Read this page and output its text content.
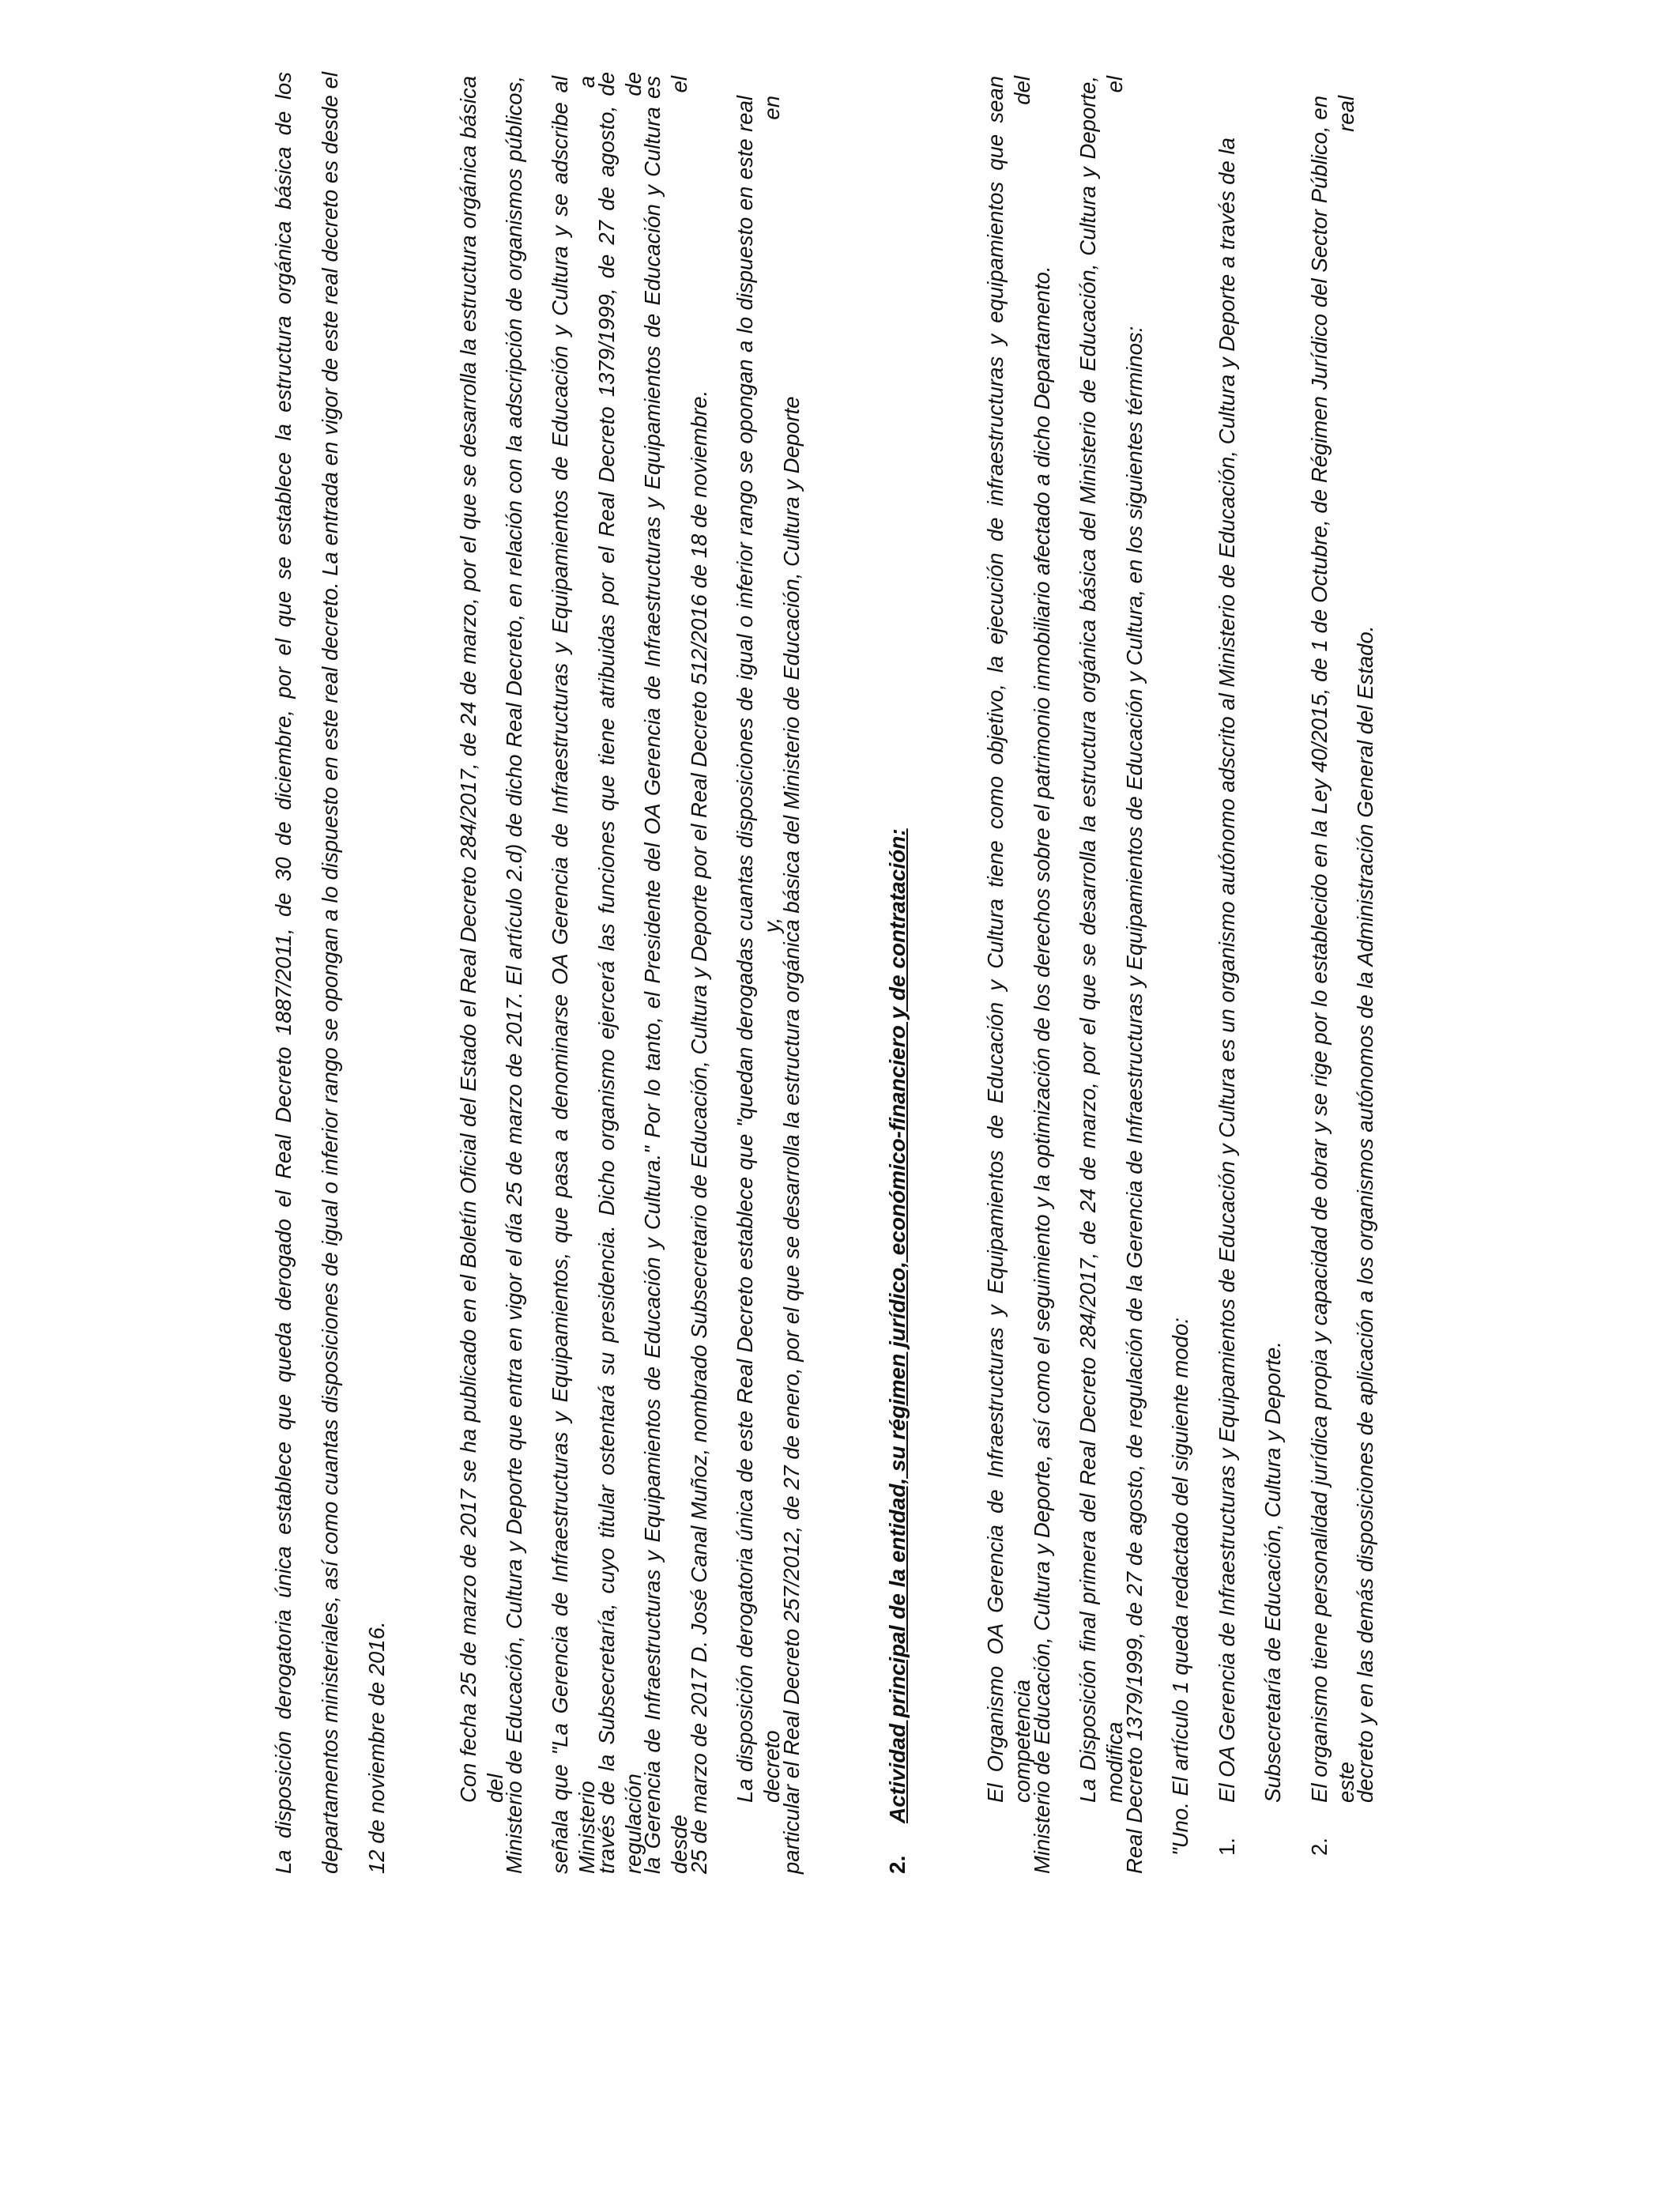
La disposición derogatoria única establece que queda derogado el Real Decreto 1887/2011, de 30 de diciembre, por el que se establece la estructura orgánica básica de los departamentos ministeriales, así como cuantas disposiciones de igual o inferior rango se opongan a lo dispuesto en este real decreto. La entrada en vigor de este real decreto es desde el 12 de noviembre de 2016.	Con fecha 25 de marzo de 2017 se ha publicado en el Boletín Oficial del Estado el Real Decreto 284/2017, de 24 de marzo, por el que se desarrolla la estructura orgánica básica del
Ministerio de Educación, Cultura y Deporte que entra en vigor el día 25 de marzo de 2017. El artículo 2.d) de dicho Real Decreto, en relación con la adscripción de organismos públicos, señala que "La Gerencia de Infraestructuras y Equipamientos, que pasa a denominarse OA Gerencia de Infraestructuras y Equipamientos de Educación y Cultura y se adscribe al Ministerio a
través de la Subsecretaría, cuyo titular ostentará su presidencia. Dicho organismo ejercerá las funciones que tiene atribuidas por el Real Decreto 1379/1999, de 27 de agosto, de regulación de
la Gerencia de Infraestructuras y Equipamientos de Educación y Cultura." Por lo tanto, el Presidente del OA Gerencia de Infraestructuras y Equipamientos de Educación y Cultura es desde el
25 de marzo de 2017 D. José Canal Muñoz, nombrado Subsecretario de Educación, Cultura y Deporte por el Real Decreto 512/2016 de 18 de noviembre. La disposición derogatoria única de este Real Decreto establece que "quedan derogadas cuantas disposiciones de igual o inferior rango se opongan a lo dispuesto en este real decreto y, en
particular el Real Decreto 257/2012, de 27 de enero, por el que se desarrolla la estructura orgánica básica del Ministerio de Educación, Cultura y Deporte	2.Actividad principal de la entidad, su régimen jurídico, económico-financiero y de contratación:	El Organismo OA Gerencia de Infraestructuras y Equipamientos de Educación y Cultura tiene como objetivo, la ejecución de infraestructuras y equipamientos que sean competencia del
Ministerio de Educación, Cultura y Deporte, así como el seguimiento y la optimización de los derechos sobre el patrimonio inmobiliario afectado a dicho Departamento. La Disposición final primera del Real Decreto 284/2017, de 24 de marzo, por el que se desarrolla la estructura orgánica básica del Ministerio de Educación, Cultura y Deporte, modifica el
Real Decreto 1379/1999, de 27 de agosto, de regulación de la Gerencia de Infraestructuras y Equipamientos de Educación y Cultura, en los siguientes términos: "Uno. El artículo 1 queda redactado del siguiente modo: 1.
El OA Gerencia de Infraestructuras y Equipamientos de Educación y Cultura es un organismo autónomo adscrito al Ministerio de Educación, Cultura y Deporte a través de la Subsecretaría de Educación, Cultura y Deporte.
2.
El organismo tiene personalidad jurídica propia y capacidad de obrar y se rige por lo establecido en la Ley 40/2015, de 1 de Octubre, de Régimen Jurídico del Sector Público, en este real
decreto y en las demás disposiciones de aplicación a los organismos autónomos de la Administración General del Estado.
